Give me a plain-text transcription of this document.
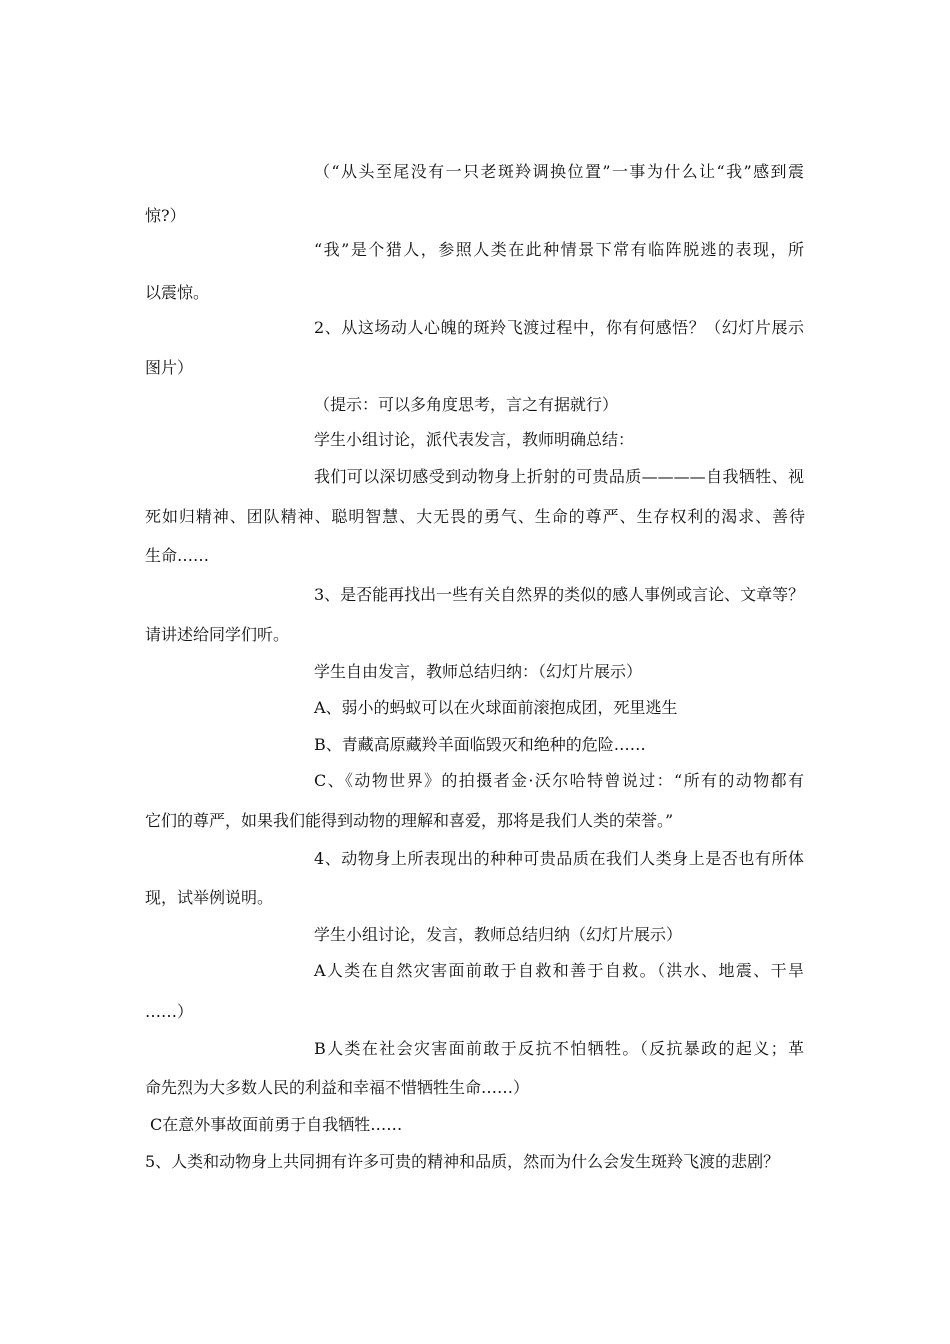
（“从头至尾没有一只老斑羚调换位置”一事为什么让“我”感到震
惊?）
“我”是个猎人，参照人类在此种情景下常有临阵脱逃的表现，所
以震惊。
2、从这场动人心魄的斑羚飞渡过程中，你有何感悟？（幻灯片展示
图片）
（提示：可以多角度思考，言之有据就行）
学生小组讨论，派代表发言，教师明确总结：
我们可以深切感受到动物身上折射的可贵品质————自我牺牲、视
死如归精神、团队精神、聪明智慧、大无畏的勇气、生命的尊严、生存权利的渴求、善待
生命……
3、是否能再找出一些有关自然界的类似的感人事例或言论、文章等？
请讲述给同学们听。
学生自由发言，教师总结归纳：（幻灯片展示）
A、弱小的蚂蚁可以在火球面前滚抱成团，死里逃生
B、青藏高原藏羚羊面临毁灭和绝种的危险……
C、《动物世界》的拍摄者金·沃尔哈特曾说过：“所有的动物都有
它们的尊严，如果我们能得到动物的理解和喜爱，那将是我们人类的荣誉。”
4、动物身上所表现出的种种可贵品质在我们人类身上是否也有所体
现，试举例说明。
学生小组讨论，发言，教师总结归纳（幻灯片展示）
A人类在自然灾害面前敢于自救和善于自救。（洪水、地震、干旱
……）
B人类在社会灾害面前敢于反抗不怕牺牲。（反抗暴政的起义；革
命先烈为大多数人民的利益和幸福不惜牺牲生命……）
C在意外事故面前勇于自我牺牲……
5、人类和动物身上共同拥有许多可贵的精神和品质，然而为什么会发生斑羚飞渡的悲剧？
